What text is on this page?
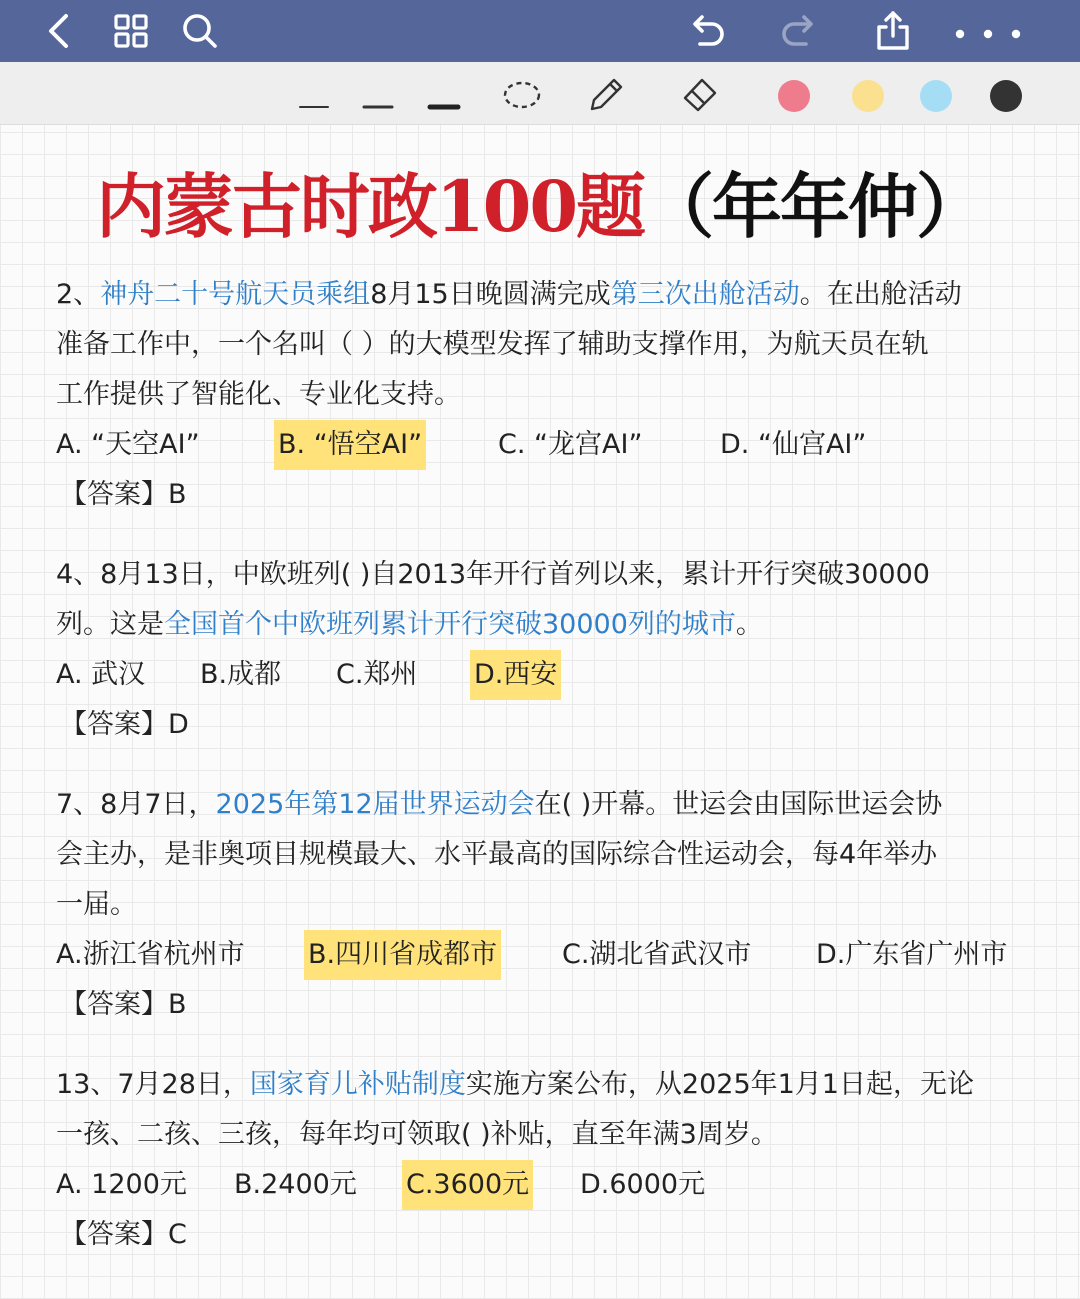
内蒙古时政100题（年年仲）

2、神舟二十号航天员乘组8月15日晚圆满完成第三次出舱活动。在出舱活动

准备工作中，一个名叫（ ）的大模型发挥了辅助支撑作用，为航天员在轨

工作提供了智能化、专业化支持。

A. “天空AI”	B. “悟空AI”	C. “龙宫AI”	D. “仙宫AI”

【答案】B

4、8月13日，中欧班列( )自2013年开行首列以来，累计开行突破30000

列。这是全国首个中欧班列累计开行突破30000列的城市。

A. 武汉 B.成都 C.郑州 D.西安

【答案】D

7、8月7日，2025年第12届世界运动会在( )开幕。世运会由国际世运会协

会主办，是非奥项目规模最大、水平最高的国际综合性运动会，每4年举办

一届。

A.浙江省杭州市 B.四川省成都市 C.湖北省武汉市 D.广东省广州市

【答案】B

13、7月28日，国家育儿补贴制度实施方案公布，从2025年1月1日起，无论

一孩、二孩、三孩，每年均可领取( )补贴，直至年满3周岁。

A. 1200元 B.2400元 C.3600元 D.6000元

【答案】C
